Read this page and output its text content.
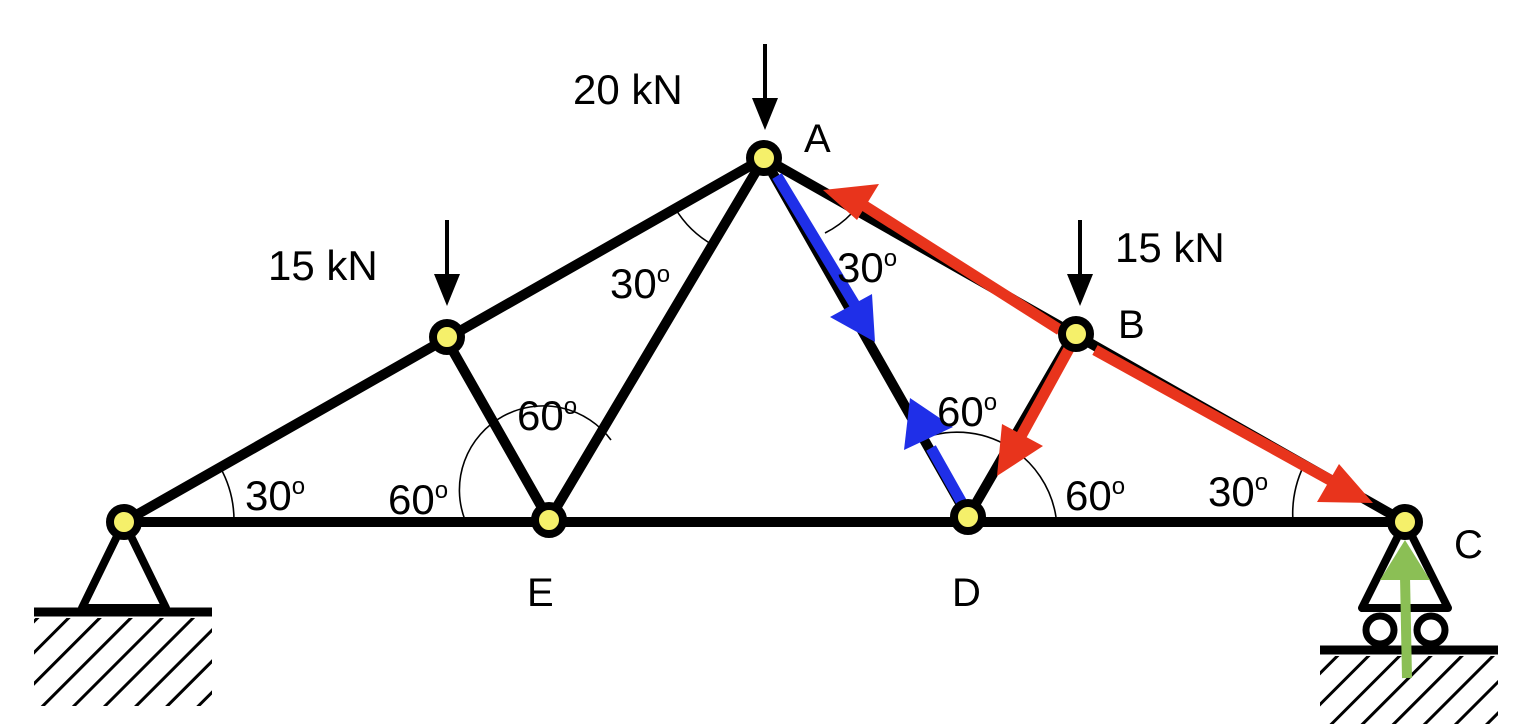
20 kN
15 kN	15 kN
A
B
C
D
E
30$^o$ 60$^o$
60$^o$
30$^o$	30$^o$
60$^o$
60$^o$ 30$^o$
